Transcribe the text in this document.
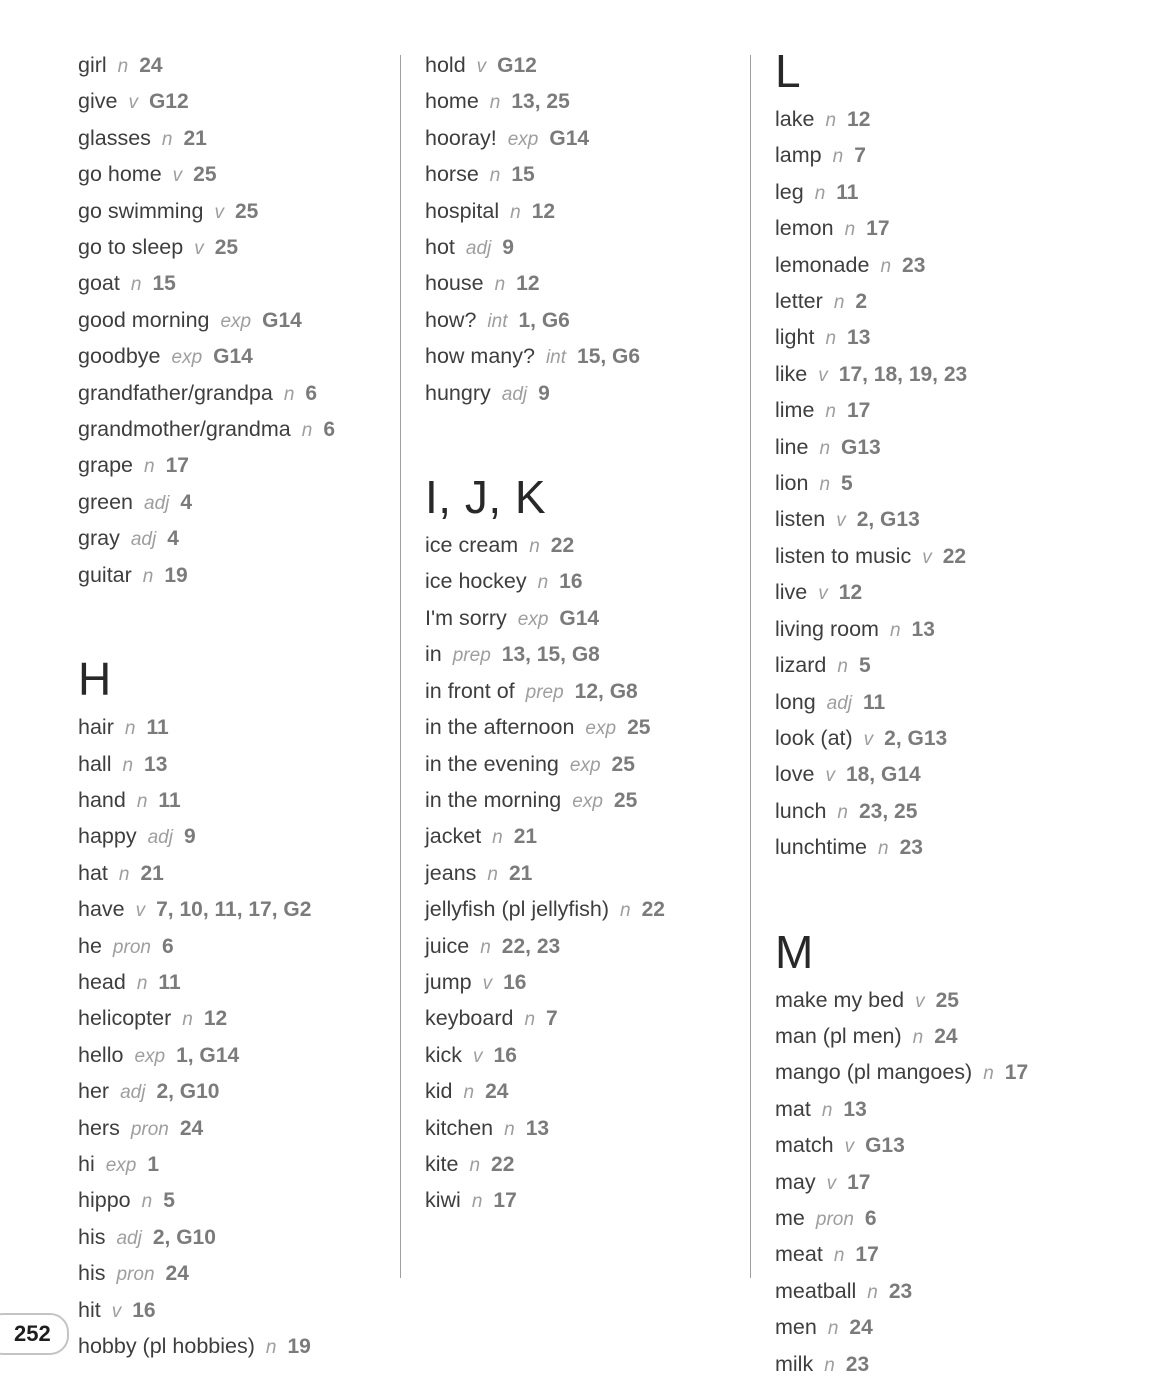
girl n 24
give v G12
glasses n 21
go home v 25
go swimming v 25
go to sleep v 25
goat n 15
good morning exp G14
goodbye exp G14
grandfather/grandpa n 6
grandmother/grandma n 6
grape n 17
green adj 4
gray adj 4
guitar n 19
H
hair n 11
hall n 13
hand n 11
happy adj 9
hat n 21
have v 7, 10, 11, 17, G2
he pron 6
head n 11
helicopter n 12
hello exp 1, G14
her adj 2, G10
hers pron 24
hi exp 1
hippo n 5
his adj 2, G10
his pron 24
hit v 16
hobby (pl hobbies) n 19
hold v G12
home n 13, 25
hooray! exp G14
horse n 15
hospital n 12
hot adj 9
house n 12
how? int 1, G6
how many? int 15, G6
hungry adj 9
I, J, K
ice cream n 22
ice hockey n 16
I'm sorry exp G14
in prep 13, 15, G8
in front of prep 12, G8
in the afternoon exp 25
in the evening exp 25
in the morning exp 25
jacket n 21
jeans n 21
jellyfish (pl jellyfish) n 22
juice n 22, 23
jump v 16
keyboard n 7
kick v 16
kid n 24
kitchen n 13
kite n 22
kiwi n 17
L
lake n 12
lamp n 7
leg n 11
lemon n 17
lemonade n 23
letter n 2
light n 13
like v 17, 18, 19, 23
lime n 17
line n G13
lion n 5
listen v 2, G13
listen to music v 22
live v 12
living room n 13
lizard n 5
long adj 11
look (at) v 2, G13
love v 18, G14
lunch n 23, 25
lunchtime n 23
M
make my bed v 25
man (pl men) n 24
mango (pl mangoes) n 17
mat n 13
match v G13
may v 17
me pron 6
meat n 17
meatball n 23
men n 24
milk n 23
252
